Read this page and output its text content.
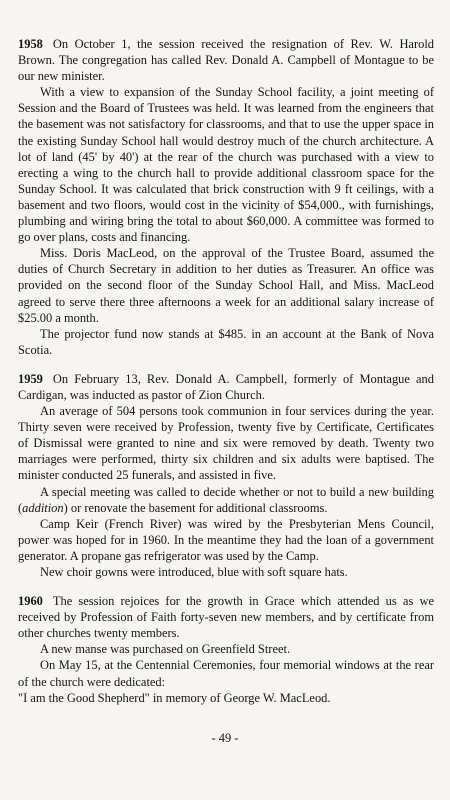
1958 On October 1, the session received the resignation of Rev. W. Harold Brown. The congregation has called Rev. Donald A. Campbell of Montague to be our new minister.

With a view to expansion of the Sunday School facility, a joint meeting of Session and the Board of Trustees was held. It was learned from the engineers that the basement was not satisfactory for classrooms, and that to use the upper space in the existing Sunday School hall would destroy much of the church architecture. A lot of land (45' by 40') at the rear of the church was purchased with a view to erecting a wing to the church hall to provide additional classroom space for the Sunday School. It was calculated that brick construction with 9 ft ceilings, with a basement and two floors, would cost in the vicinity of $54,000., with furnishings, plumbing and wiring bring the total to about $60,000. A committee was formed to go over plans, costs and financing.

Miss. Doris MacLeod, on the approval of the Trustee Board, assumed the duties of Church Secretary in addition to her duties as Treasurer. An office was provided on the second floor of the Sunday School Hall, and Miss. MacLeod agreed to serve there three afternoons a week for an additional salary increase of $25.00 a month.

The projector fund now stands at $485. in an account at the Bank of Nova Scotia.

1959 On February 13, Rev. Donald A. Campbell, formerly of Montague and Cardigan, was inducted as pastor of Zion Church.

An average of 504 persons took communion in four services during the year. Thirty seven were received by Profession, twenty five by Certificate, Certificates of Dismissal were granted to nine and six were removed by death. Twenty two marriages were performed, thirty six children and six adults were baptised. The minister conducted 25 funerals, and assisted in five.

A special meeting was called to decide whether or not to build a new building (addition) or renovate the basement for additional classrooms.

Camp Keir (French River) was wired by the Presbyterian Mens Council, power was hoped for in 1960. In the meantime they had the loan of a government generator. A propane gas refrigerator was used by the Camp.

New choir gowns were introduced, blue with soft square hats.

1960 The session rejoices for the growth in Grace which attended us as we received by Profession of Faith forty-seven new members, and by certificate from other churches twenty members.

A new manse was purchased on Greenfield Street.

On May 15, at the Centennial Ceremonies, four memorial windows at the rear of the church were dedicated:

"I am the Good Shepherd" in memory of George W. MacLeod.

- 49 -
